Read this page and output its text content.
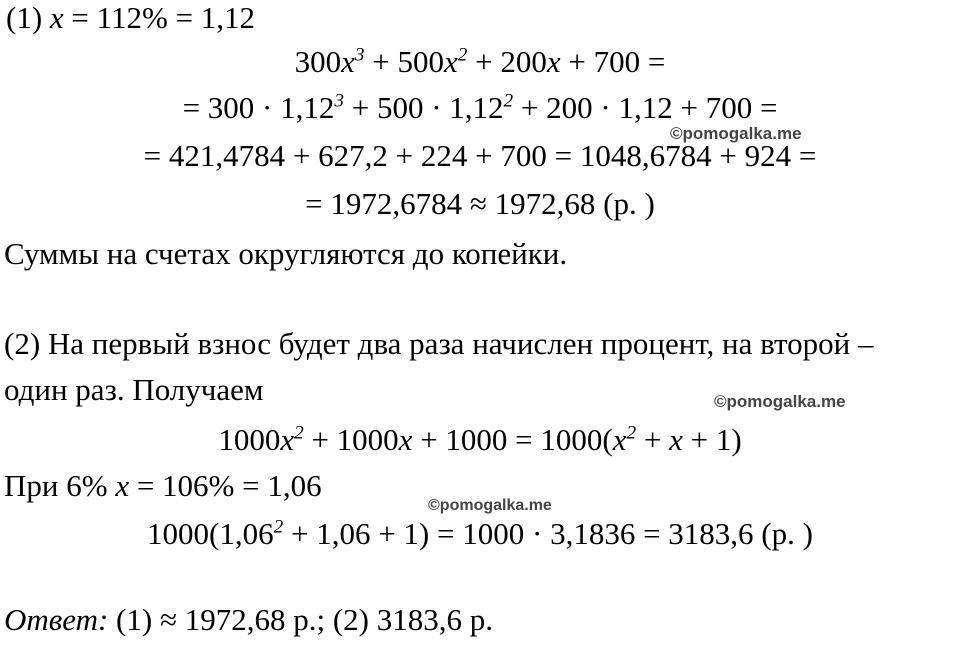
(1) x = 112% = 1,12
$300x^3 + 500x^2 + 200x + 700$ =
= $300 \cdot 1,12^3 + 500 \cdot 1,12^2 + 200 \cdot 1,12 + 700$ =
©pomogalka.me
= 421,4784 + 627,2 + 224 + 700 = 1048,6784 + 924 =
= 1972,6784 ≈ 1972,68 (р. )
Суммы на счетах округляются до копейки.
(2) На первый взнос будет два раза начислен процент, на второй –
один раз. Получаем	©pomogalka.me
$1000x^2 + 1000x + 1000 = 1000(x^2 + x + 1)$
При 6% x = 106% = 1,06
©pomogalka.me
$1000(1,06^2 + 1,06 + 1) = 1000 \cdot 3,1836 = 3183,6$ (р. )
Ответ: (1) ≈ 1972,68 р.; (2) 3183,6 р.
